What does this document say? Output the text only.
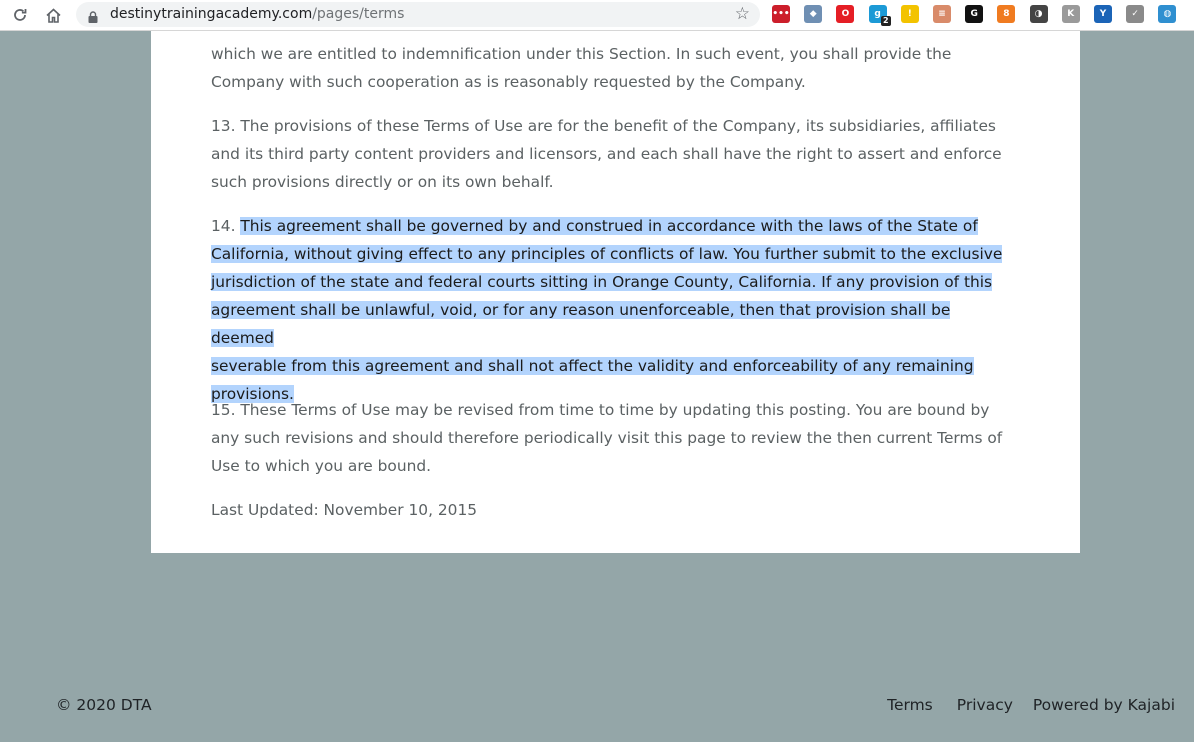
destinytrainingacademy.com/pages/terms	☆ •••	◆	O	g
2
!	≡	G	8	◑	K	Y	✓	◍

which we are entitled to indemnification under this Section. In such event, you shall provide the Company with such cooperation as is reasonably requested by the Company.

13. The provisions of these Terms of Use are for the benefit of the Company, its subsidiaries, affiliates and its third party content providers and licensors, and each shall have the right to assert and enforce such provisions directly or on its own behalf.

14. This agreement shall be governed by and construed in accordance with the laws of the State of
California, without giving effect to any principles of conflicts of law. You further submit to the exclusive
jurisdiction of the state and federal courts sitting in Orange County, California. If any provision of this
agreement shall be unlawful, void, or for any reason unenforceable, then that provision shall be deemed
severable from this agreement and shall not affect the validity and enforceability of any remaining
provisions.

15. These Terms of Use may be revised from time to time by updating this posting. You are bound by any such revisions and should therefore periodically visit this page to review the then current Terms of Use to which you are bound.

Last Updated: November 10, 2015

© 2020 DTA	Terms Privacy Powered by Kajabi
